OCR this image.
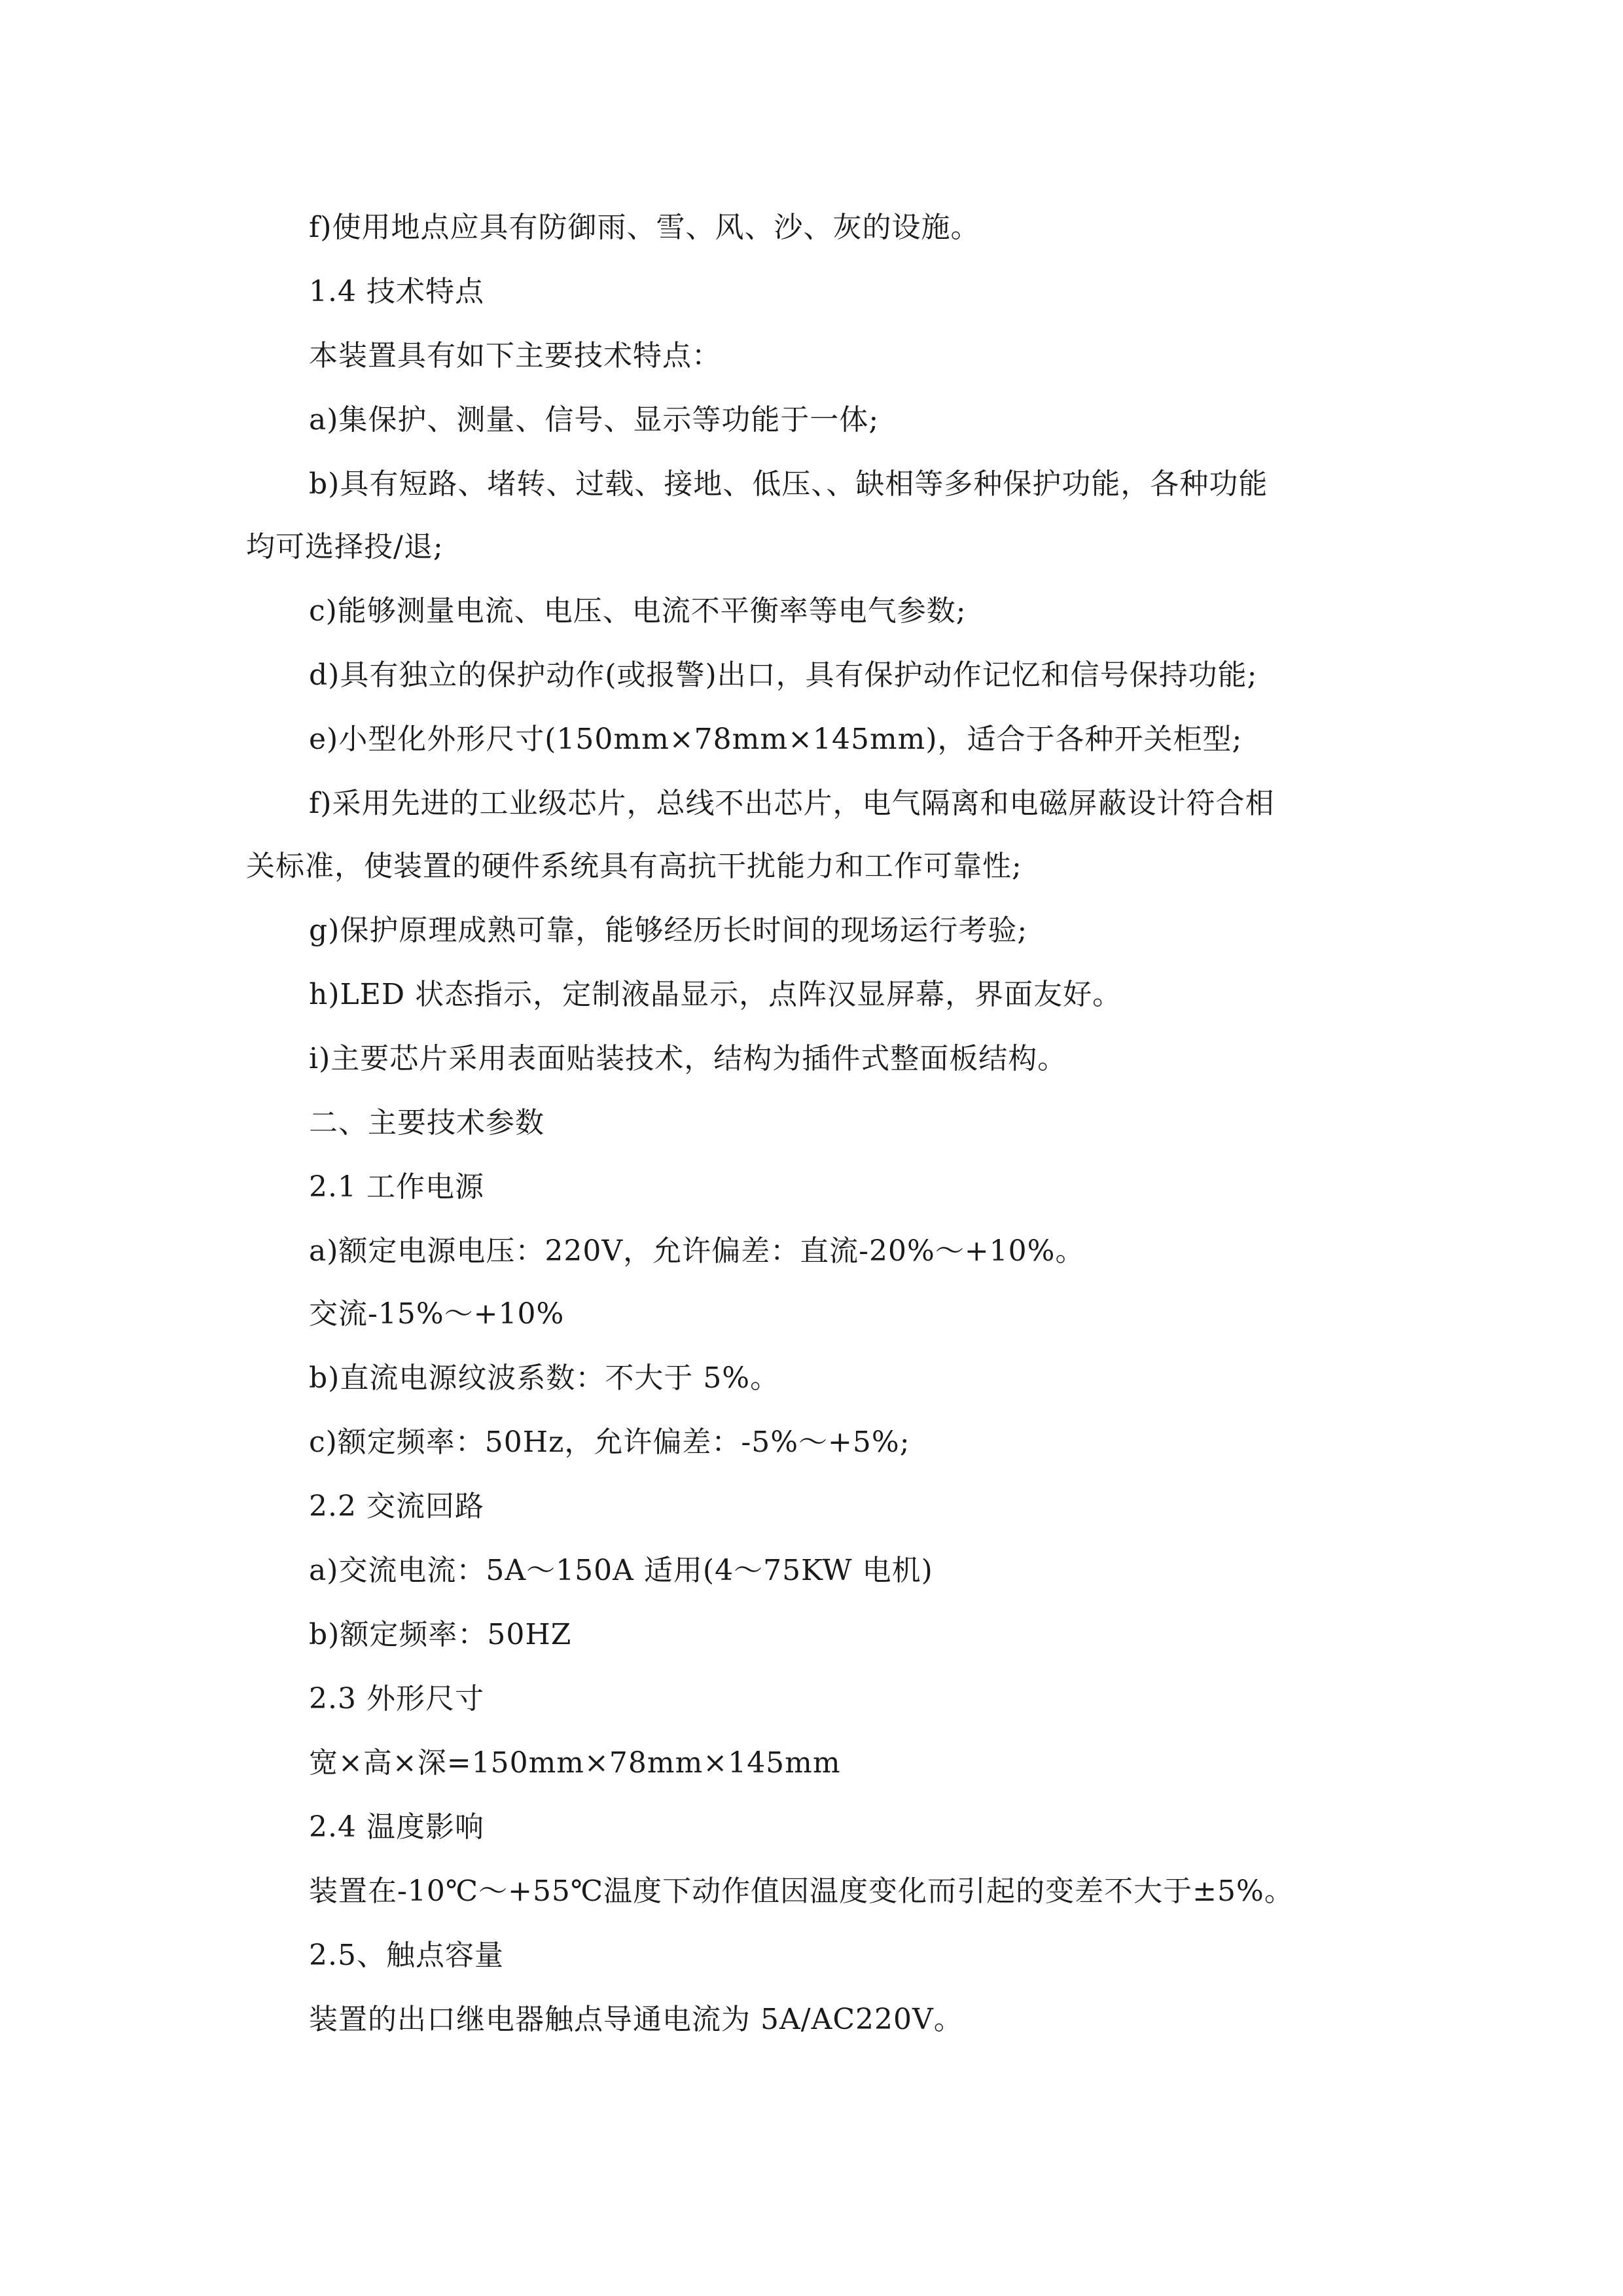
f)使用地点应具有防御雨、雪、风、沙、灰的设施。
1.4 技术特点
本装置具有如下主要技术特点：
a)集保护、测量、信号、显示等功能于一体;
b)具有短路、堵转、过载、接地、低压、、缺相等多种保护功能，各种功能
均可选择投/退;
c)能够测量电流、电压、电流不平衡率等电气参数;
d)具有独立的保护动作(或报警)出口，具有保护动作记忆和信号保持功能;
e)小型化外形尺寸(150mm×78mm×145mm)，适合于各种开关柜型;
f)采用先进的工业级芯片，总线不出芯片，电气隔离和电磁屏蔽设计符合相
关标准，使装置的硬件系统具有高抗干扰能力和工作可靠性;
g)保护原理成熟可靠，能够经历长时间的现场运行考验;
h)LED 状态指示，定制液晶显示，点阵汉显屏幕，界面友好。
i)主要芯片采用表面贴装技术，结构为插件式整面板结构。
二、主要技术参数
2.1 工作电源
a)额定电源电压：220V，允许偏差：直流-20%～+10%。
交流-15%～+10%
b)直流电源纹波系数：不大于 5%。
c)额定频率：50Hz，允许偏差：-5%～+5%;
2.2 交流回路
a)交流电流：5A～150A 适用(4～75KW 电机)
b)额定频率：50HZ
2.3 外形尺寸
宽×高×深=150mm×78mm×145mm
2.4 温度影响
装置在-10℃～+55℃温度下动作值因温度变化而引起的变差不大于±5%。
2.5、触点容量
装置的出口继电器触点导通电流为 5A/AC220V。
